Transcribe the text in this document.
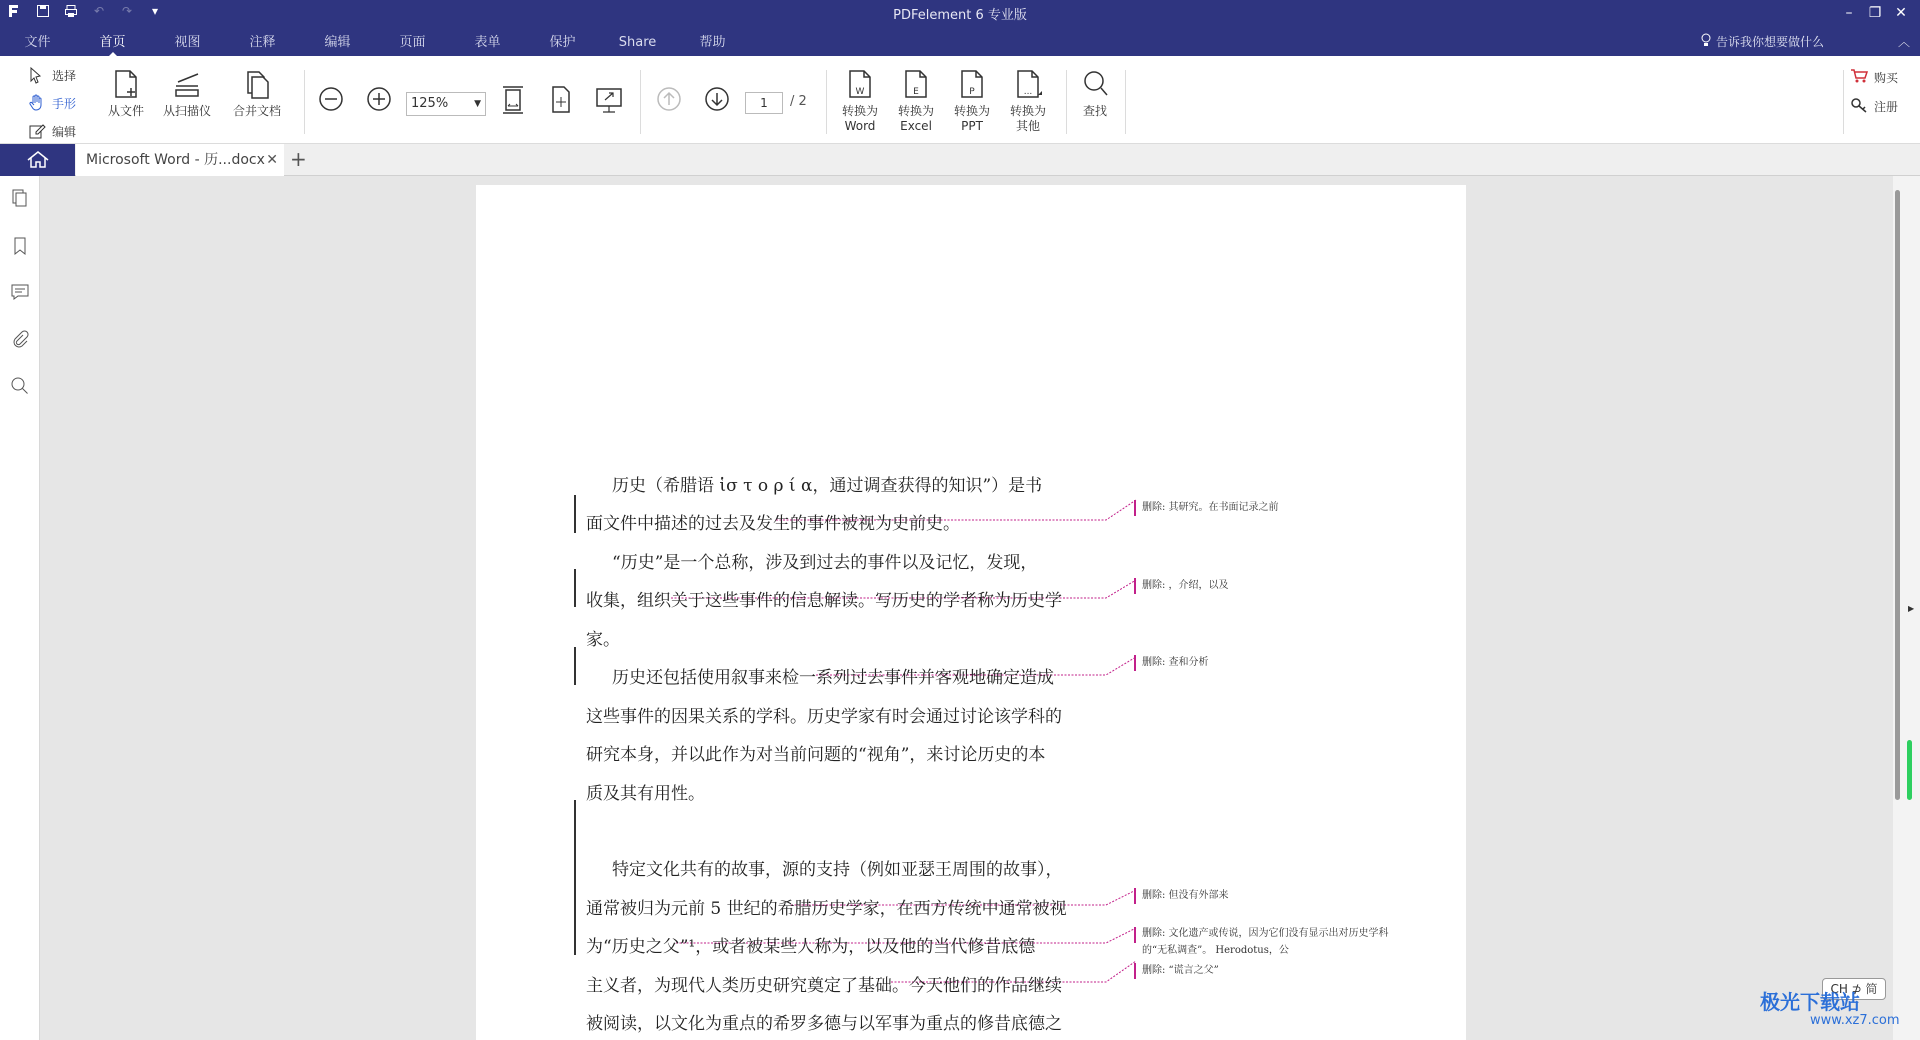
↶ ↷	▾	PDFelement 6 专业版	–	❐ ✕
文件	首页	视图	注释	编辑	页面	表单	保护	Share	帮助	告诉我你想要做什么	︿
选择
手形
编辑
从文件 从扫描仪 合并文档	125%	▼	1	/ 2
W
转换为
Word
E
转换为
Excel
P
转换为
PPT
...
转换为
其他
查找
购买
注册
Microsoft Word - 历...docx ✕ +
历史（希腊语 ἱσ τ ο ρ ί α，通过调查获得的知识”）是书
面文件中描述的过去及发生的事件被视为史前史。
“历史”是一个总称，涉及到过去的事件以及记忆，发现，
收集，组织关于这些事件的信息解读。写历史的学者称为历史学
家。
历史还包括使用叙事来检一系列过去事件并客观地确定造成
这些事件的因果关系的学科。历史学家有时会通过讨论该学科的
研究本身，并以此作为对当前问题的“视角”，来讨论历史的本
质及其有用性。
特定文化共有的故事，源的支持（例如亚瑟王周围的故事），
通常被归为元前 5 世纪的希腊历史学家，在西方传统中通常被视
为“历史之父”¹，或者被某些人称为，以及他的当代修昔底德
主义者，为现代人类历史研究奠定了基础。今天他们的作品继续
被阅读，以文化为重点的希罗多德与以军事为重点的修昔底德之
删除: 其研究。在书面记录之前
删除: ，介绍，以及
删除: 查和分析
删除: 但没有外部来
删除: 文化遗产或传说，因为它们没有显示出对历史学科
的“无私调查”。 Herodotus，公
删除: “谎言之父”
▶
CH ⊅ 简
极光下载站
www.xz7.com
